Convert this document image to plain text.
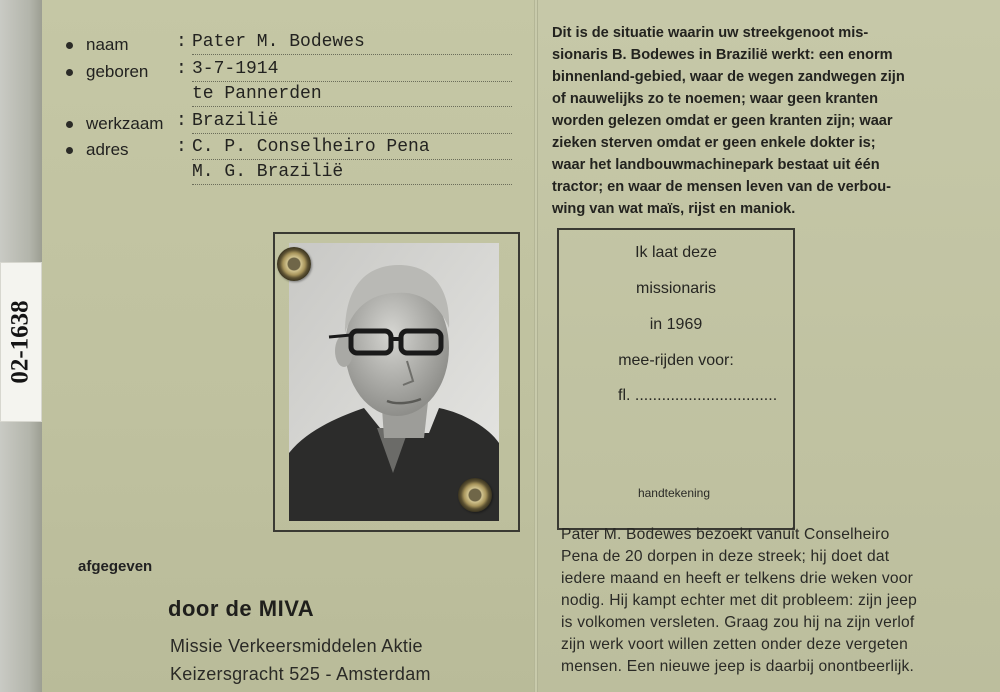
02-1638
naam	: Pater M. Bodewes
geboren : 3-7-1914
te Pannerden
werkzaam : Brazilië
adres	: C. P. Conselheiro Pena
M. G. Brazilië
afgegeven
door de MIVA
Missie Verkeersmiddelen Aktie
Keizersgracht 525 - Amsterdam
Dit is de situatie waarin uw streekgenoot mis-
sionaris B. Bodewes in Brazilië werkt: een enorm
binnenland-gebied, waar de wegen zandwegen zijn
of nauwelijks zo te noemen; waar geen kranten
worden gelezen omdat er geen kranten zijn; waar
zieken sterven omdat er geen enkele dokter is;
waar het landbouwmachinepark bestaat uit één
tractor; en waar de mensen leven van de verbou-
wing van wat maïs, rijst en maniok.
Ik laat deze
missionaris
in 1969
mee-rijden voor:
fl. ................................
handtekening
Pater M. Bodewes bezoekt vanuit Conselheiro
Pena de 20 dorpen in deze streek; hij doet dat
iedere maand en heeft er telkens drie weken voor
nodig. Hij kampt echter met dit probleem: zijn jeep
is volkomen versleten. Graag zou hij na zijn verlof
zijn werk voort willen zetten onder deze vergeten
mensen. Een nieuwe jeep is daarbij onontbeerlijk.
